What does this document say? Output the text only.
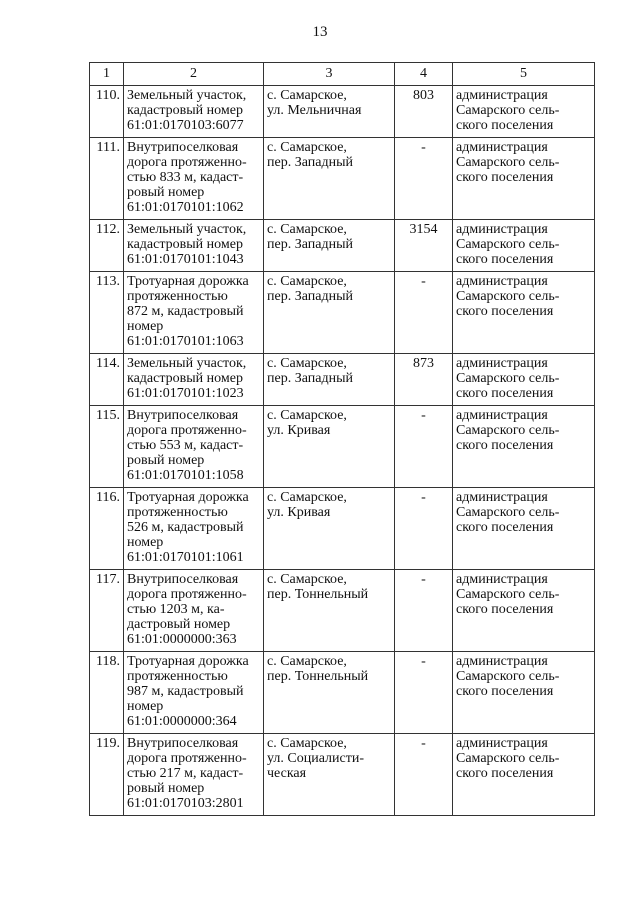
13
1	2	3	4	5
110.	Земельный участок,
кадастровый номер
61:01:0170103:6077	с. Самарское,
ул. Мельничная	803	администрация
Самарского сель-
ского поселения
111.	Внутрипоселковая
дорога протяженно-
стью 833 м, кадаст-
ровый номер
61:01:0170101:1062	с. Самарское,
пер. Западный	-	администрация
Самарского сель-
ского поселения
112.	Земельный участок,
кадастровый номер
61:01:0170101:1043	с. Самарское,
пер. Западный	3154	администрация
Самарского сель-
ского поселения
113.	Тротуарная дорожка
протяженностью
872 м, кадастровый
номер
61:01:0170101:1063	с. Самарское,
пер. Западный	-	администрация
Самарского сель-
ского поселения
114.	Земельный участок,
кадастровый номер
61:01:0170101:1023	с. Самарское,
пер. Западный	873	администрация
Самарского сель-
ского поселения
115.	Внутрипоселковая
дорога протяженно-
стью 553 м, кадаст-
ровый номер
61:01:0170101:1058	с. Самарское,
ул. Кривая	-	администрация
Самарского сель-
ского поселения
116.	Тротуарная дорожка
протяженностью
526 м, кадастровый
номер
61:01:0170101:1061	с. Самарское,
ул. Кривая	-	администрация
Самарского сель-
ского поселения
117.	Внутрипоселковая
дорога протяженно-
стью 1203 м, ка-
дастровый номер
61:01:0000000:363	с. Самарское,
пер. Тоннельный	-	администрация
Самарского сель-
ского поселения
118.	Тротуарная дорожка
протяженностью
987 м, кадастровый
номер
61:01:0000000:364	с. Самарское,
пер. Тоннельный	-	администрация
Самарского сель-
ского поселения
119.	Внутрипоселковая
дорога протяженно-
стью 217 м, кадаст-
ровый номер
61:01:0170103:2801	с. Самарское,
ул. Социалисти-
ческая	-	администрация
Самарского сель-
ского поселения
